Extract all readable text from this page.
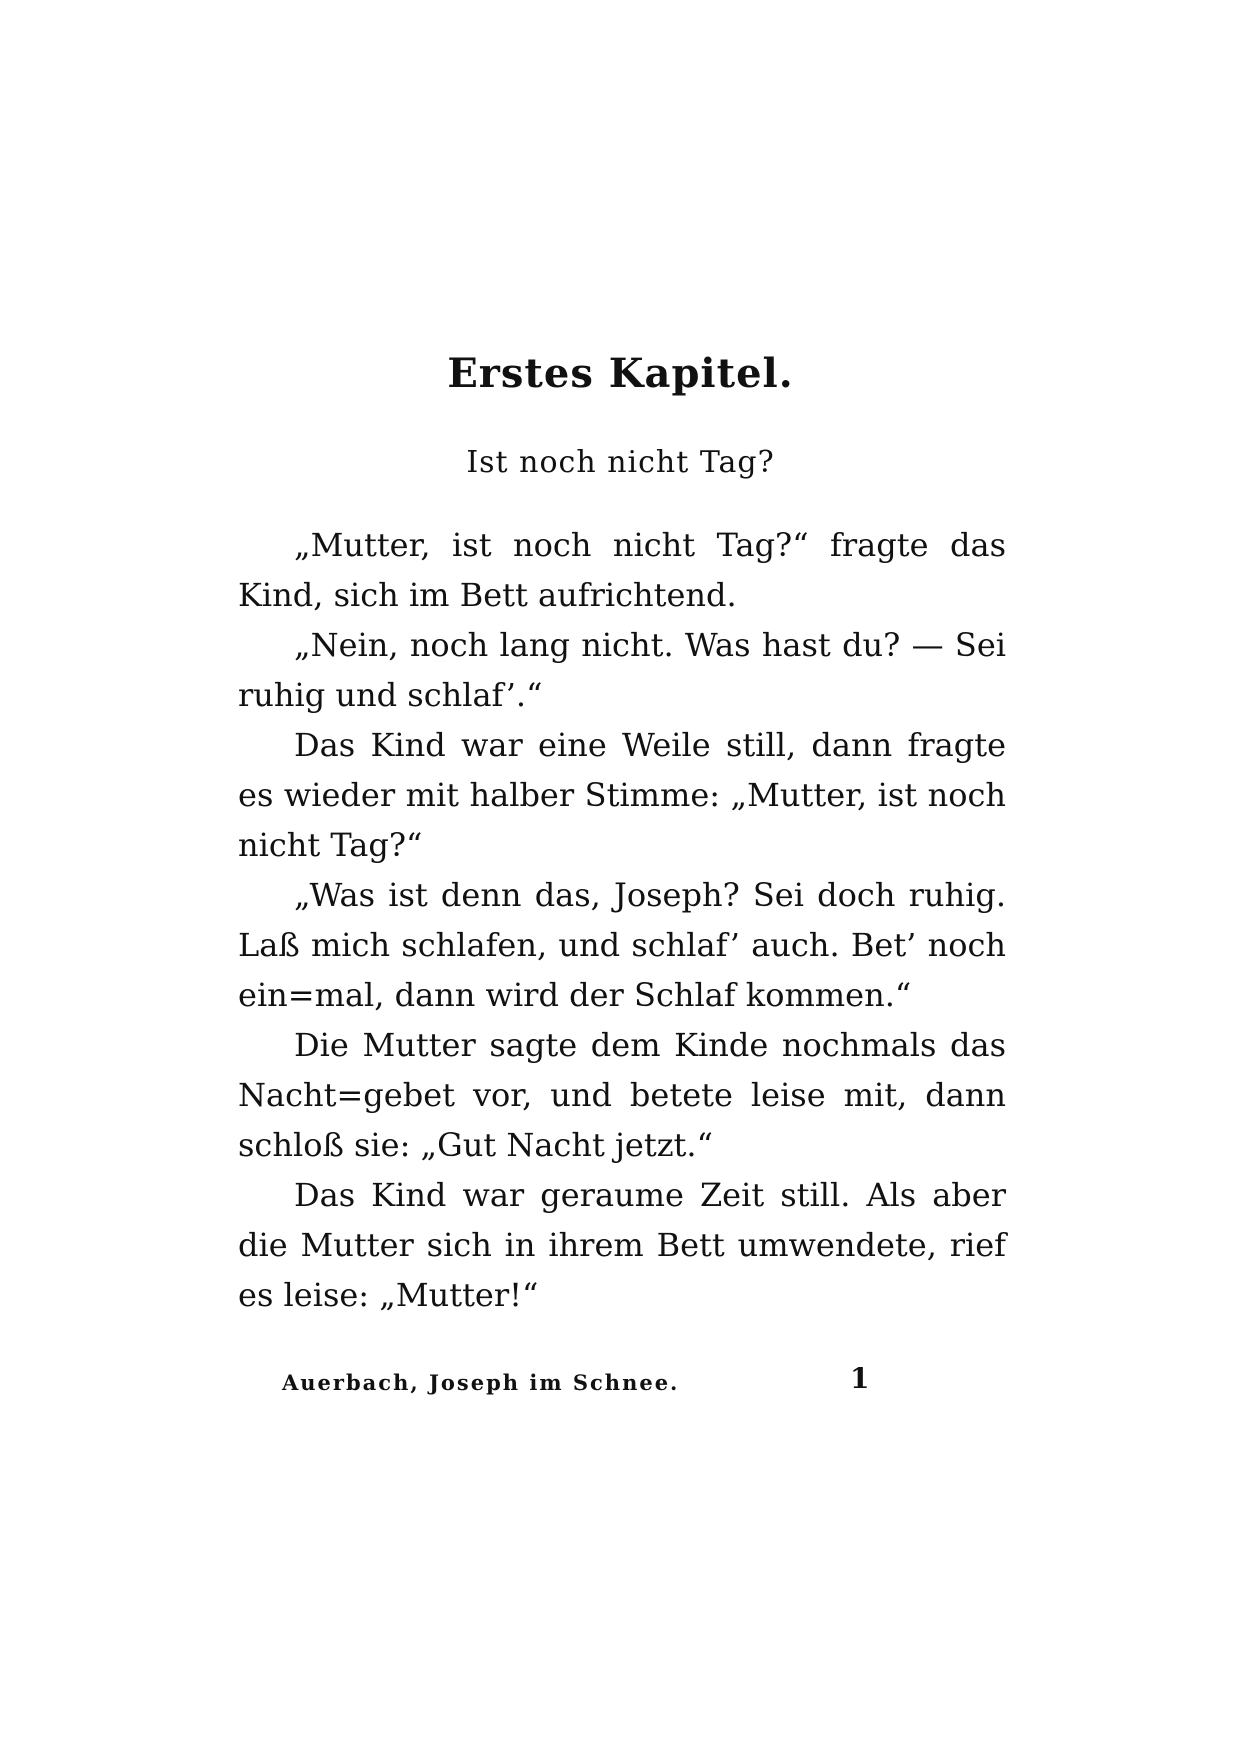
Erstes Kapitel.
Ist noch nicht Tag?

„Mutter, ist noch nicht Tag?“ fragte das Kind, sich im Bett aufrichtend.

„Nein, noch lang nicht. Was hast du? — Sei ruhig und schlaf’.“

Das Kind war eine Weile still, dann fragte es wieder mit halber Stimme: „Mutter, ist noch nicht Tag?“

„Was ist denn das, Joseph? Sei doch ruhig. Laß mich schlafen, und schlaf’ auch. Bet’ noch ein=mal, dann wird der Schlaf kommen.“

Die Mutter sagte dem Kinde nochmals das Nacht=gebet vor, und betete leise mit, dann schloß sie: „Gut Nacht jetzt.“

Das Kind war geraume Zeit still. Als aber die Mutter sich in ihrem Bett umwendete, rief es leise: „Mutter!“

Auerbach, Joseph im Schnee.	1
